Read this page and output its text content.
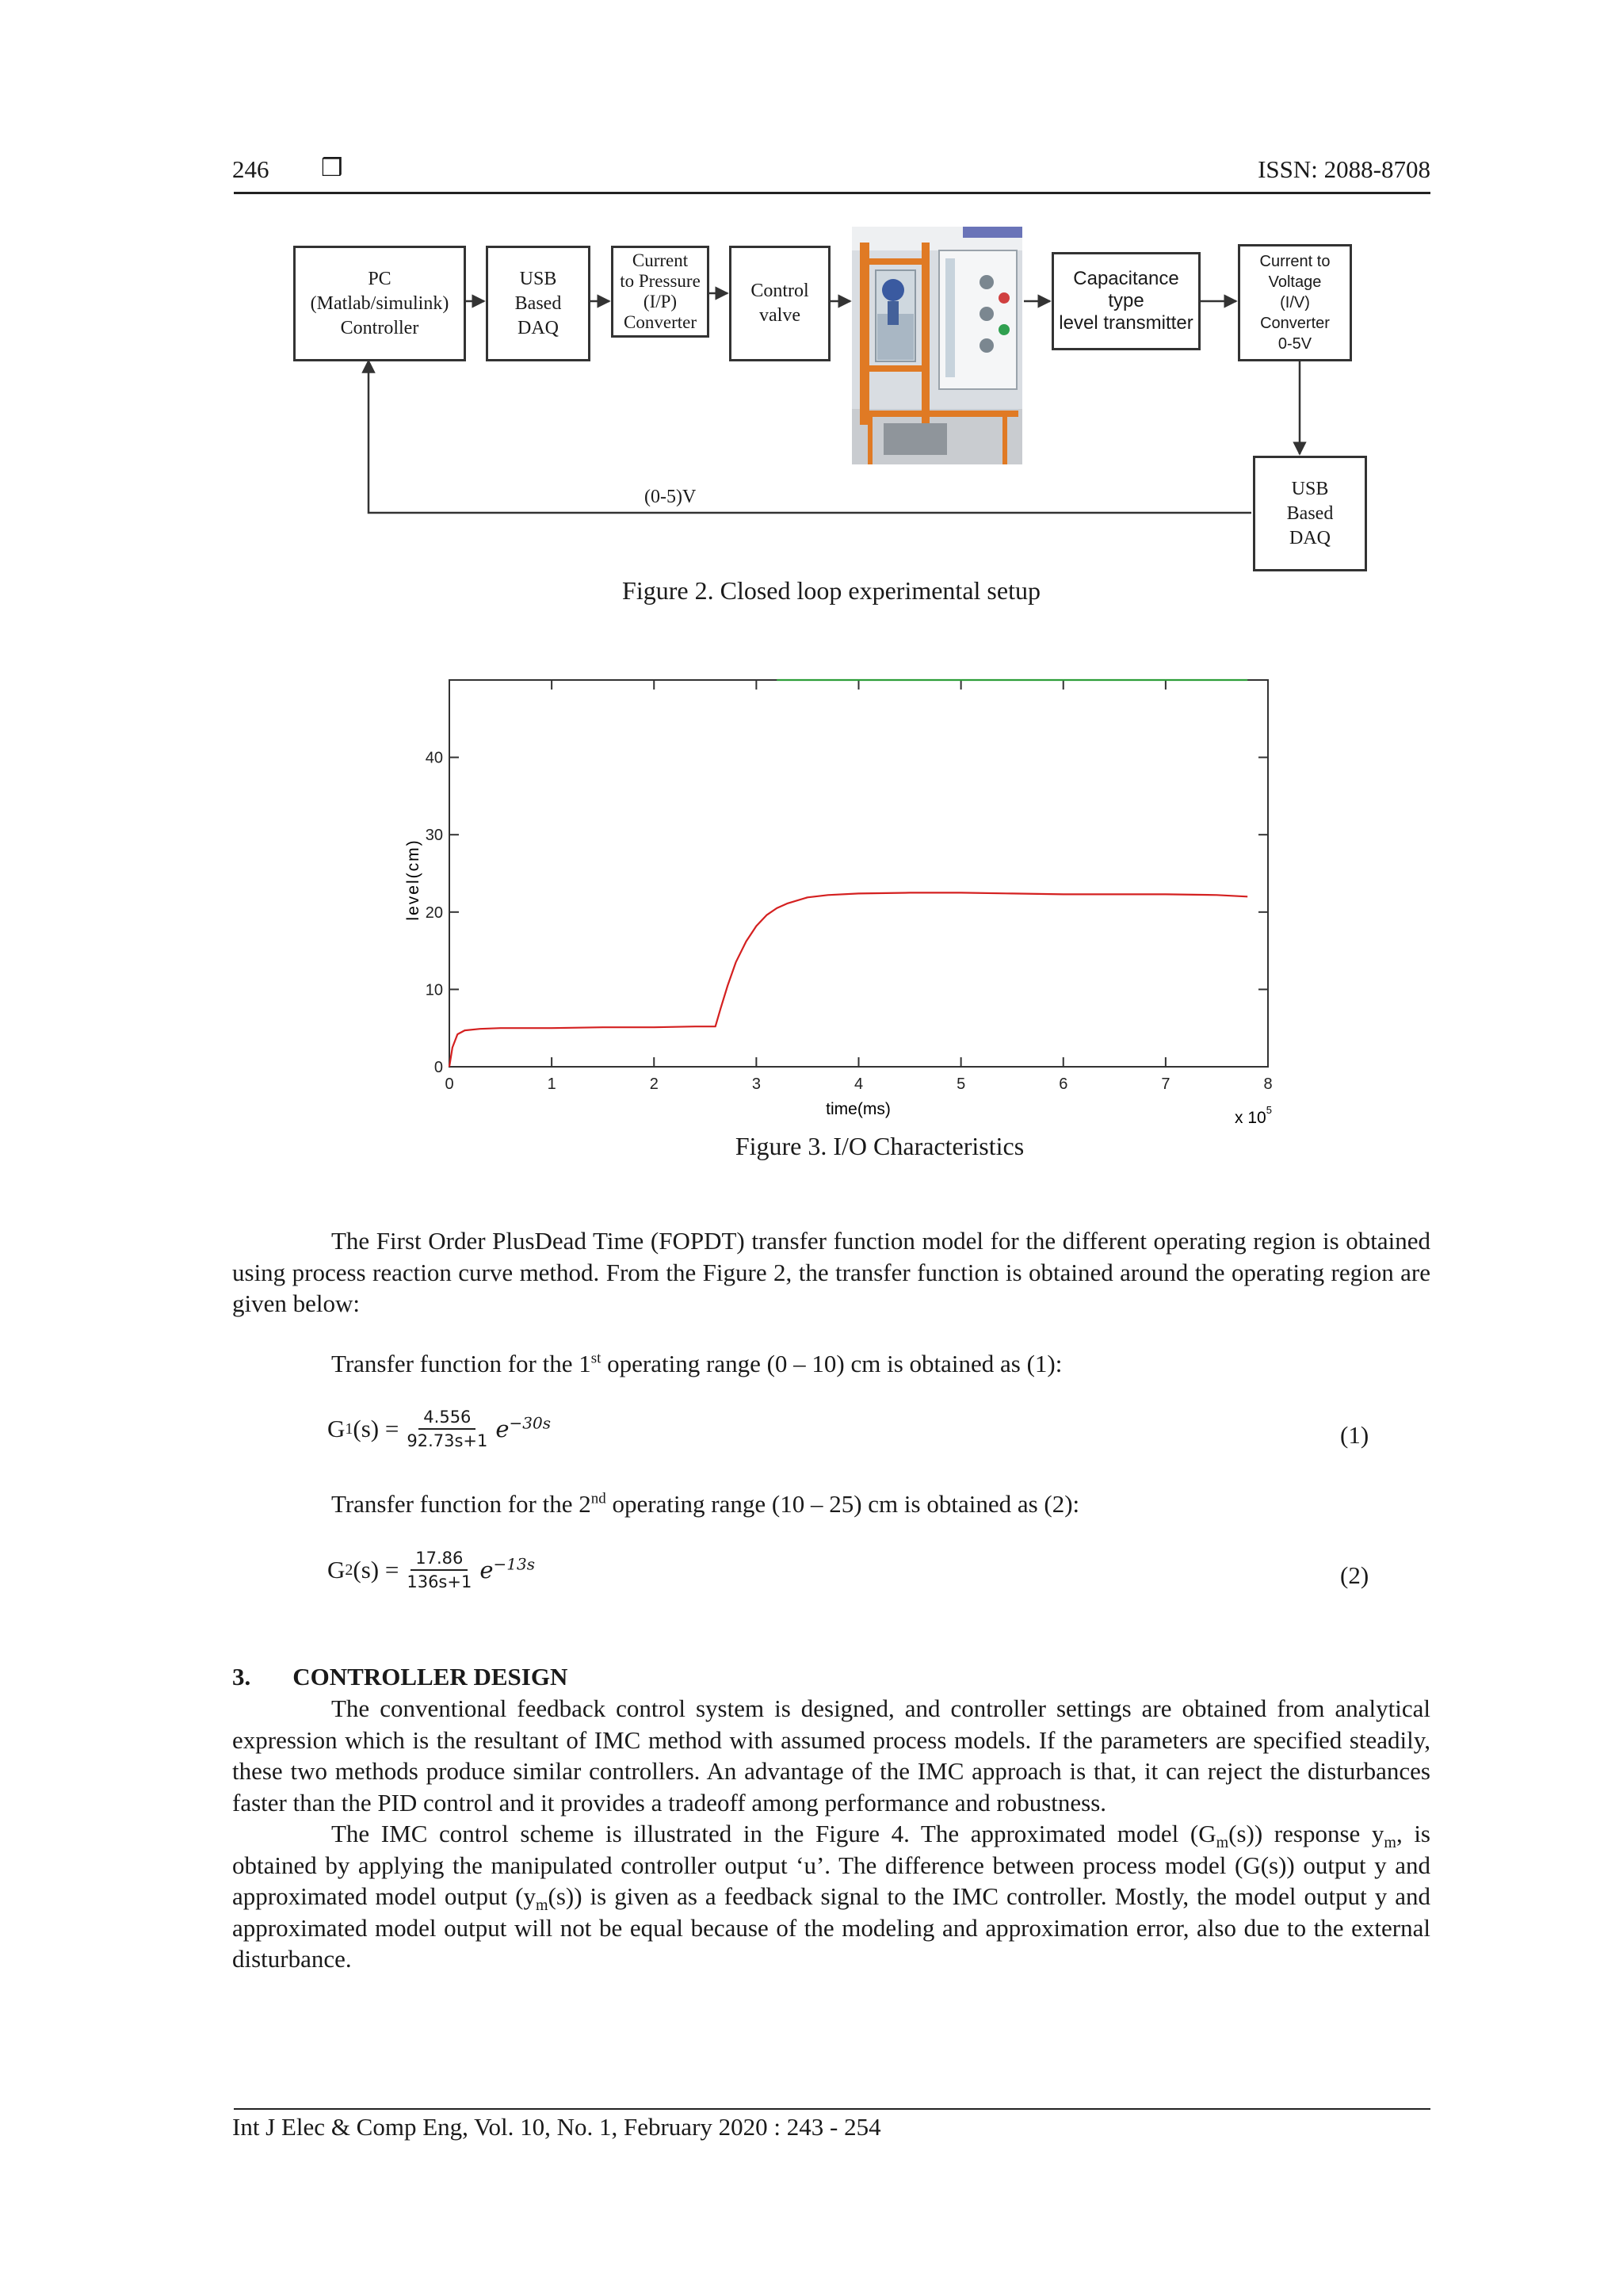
246 ❒	ISSN: 2088-8708
PC
(Matlab/simulink)
Controller
USB
Based
DAQ
Current
to Pressure
(I/P)
Converter
Control
valve
Capacitance type
level transmitter
Current to
Voltage
(I/V)
Converter
0-5V
USB
Based
DAQ
(0-5)V
Figure 2. Closed loop experimental setup
0	1	2	3	4	5	6	7	8
0
10
20
30
40
time(ms)
level(cm)
x $10^5$
Figure 3. I/O Characteristics

The First Order PlusDead Time (FOPDT) transfer function model for the different operating region is obtained using process reaction curve method. From the Figure 2, the transfer function is obtained around the operating region are given below:

Transfer function for the 1st operating range (0 – 10) cm is obtained as (1):
G 1 $(s) = \frac{4.556}{92.73s+1} e^{-30s}$	(1)
Transfer function for the 2nd operating range (10 – 25) cm is obtained as (2):
G 2 $(s) = \frac{17.86}{136s+1} e^{-13s}$	(2)
3. CONTROLLER DESIGN

The conventional feedback control system is designed, and controller settings are obtained from analytical expression which is the resultant of IMC method with assumed process models. If the parameters are specified steadily, these two methods produce similar controllers. An advantage of the IMC approach is that, it can reject the disturbances faster than the PID control and it provides a tradeoff among performance and robustness.

The IMC control scheme is illustrated in the Figure 4. The approximated model $(G_m(s))$ response $y_m$, is obtained by applying the manipulated controller output ‘u’. The difference between process model (G(s)) output y and approximated model output $(y_m(s))$ is given as a feedback signal to the IMC controller. Mostly, the model output y and approximated model output will not be equal because of the modeling and approximation error, also due to the external disturbance.

Int J Elec & Comp Eng, Vol. 10, No. 1, February 2020 : 243 - 254
